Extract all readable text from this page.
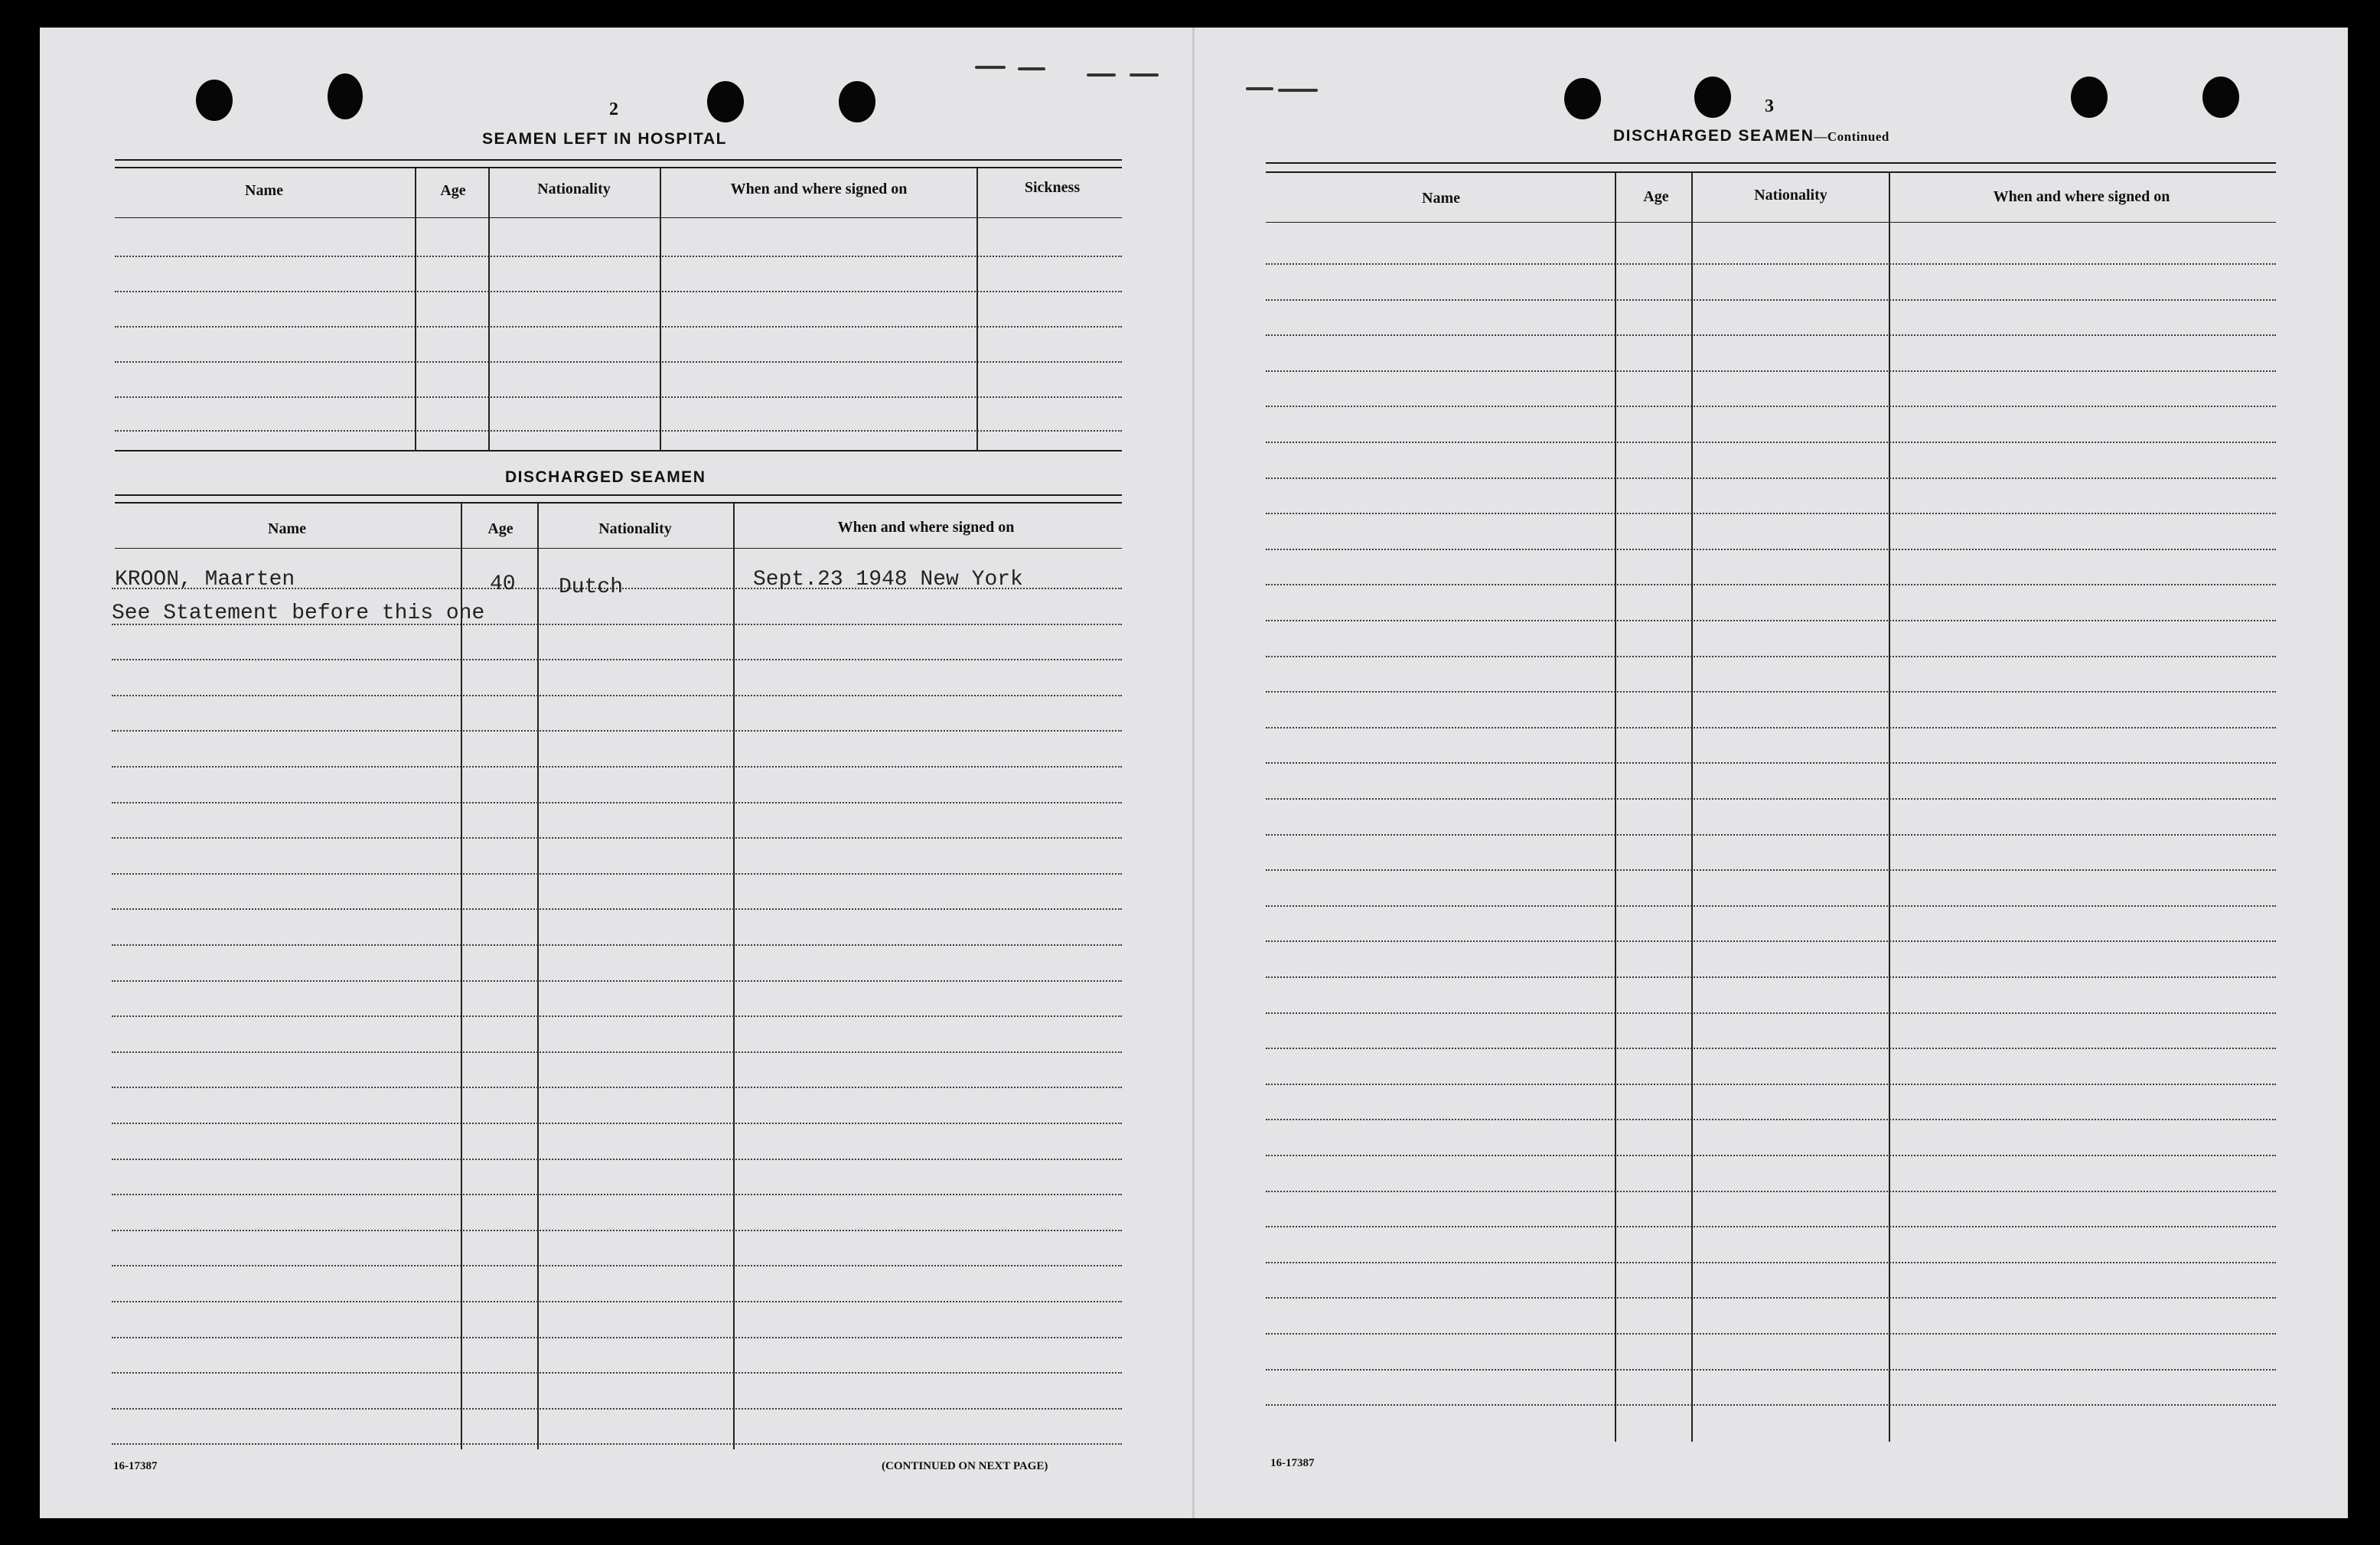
2
SEAMEN LEFT IN HOSPITAL
Name	Age	Nationality	When and where signed on	Sickness
DISCHARGED SEAMEN
Name	Age	Nationality	When and where signed on
KROON, Maarten	40 Dutch	Sept.23 1948 New York
See Statement before this one
16-17387	(CONTINUED ON NEXT PAGE)
3
DISCHARGED SEAMEN—Continued
Name	Age	Nationality	When and where signed on
16-17387
